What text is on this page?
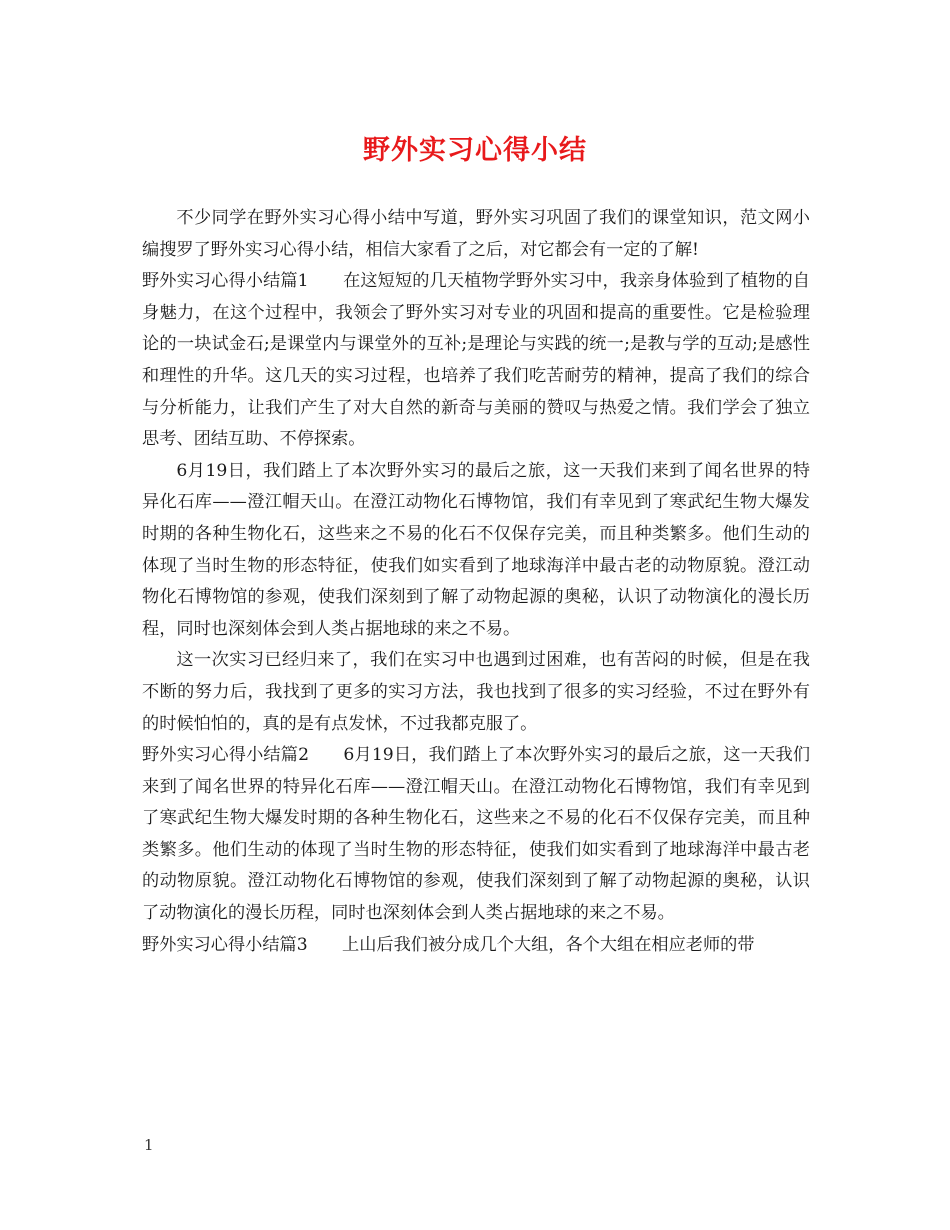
野外实习心得小结

不少同学在野外实习心得小结中写道，野外实习巩固了我们的课堂知识，范文网小编搜罗了野外实习心得小结，相信大家看了之后，对它都会有一定的了解!

野外实习心得小结篇1   在这短短的几天植物学野外实习中，我亲身体验到了植物的自身魅力，在这个过程中，我领会了野外实习对专业的巩固和提高的重要性。它是检验理论的一块试金石;是课堂内与课堂外的互补;是理论与实践的统一;是教与学的互动;是感性和理性的升华。这几天的实习过程，也培养了我们吃苦耐劳的精神，提高了我们的综合与分析能力，让我们产生了对大自然的新奇与美丽的赞叹与热爱之情。我们学会了独立思考、团结互助、不停探索。

6月19日，我们踏上了本次野外实习的最后之旅，这一天我们来到了闻名世界的特异化石库——澄江帽天山。在澄江动物化石博物馆，我们有幸见到了寒武纪生物大爆发时期的各种生物化石，这些来之不易的化石不仅保存完美，而且种类繁多。他们生动的体现了当时生物的形态特征，使我们如实看到了地球海洋中最古老的动物原貌。澄江动物化石博物馆的参观，使我们深刻到了解了动物起源的奥秘，认识了动物演化的漫长历程，同时也深刻体会到人类占据地球的来之不易。

这一次实习已经归来了，我们在实习中也遇到过困难，也有苦闷的时候，但是在我不断的努力后，我找到了更多的实习方法，我也找到了很多的实习经验，不过在野外有的时候怕怕的，真的是有点发怵，不过我都克服了。

野外实习心得小结篇2   6月19日，我们踏上了本次野外实习的最后之旅，这一天我们来到了闻名世界的特异化石库——澄江帽天山。在澄江动物化石博物馆，我们有幸见到了寒武纪生物大爆发时期的各种生物化石，这些来之不易的化石不仅保存完美，而且种类繁多。他们生动的体现了当时生物的形态特征，使我们如实看到了地球海洋中最古老的动物原貌。澄江动物化石博物馆的参观，使我们深刻到了解了动物起源的奥秘，认识了动物演化的漫长历程，同时也深刻体会到人类占据地球的来之不易。

野外实习心得小结篇3   上山后我们被分成几个大组，各个大组在相应老师的带

1
